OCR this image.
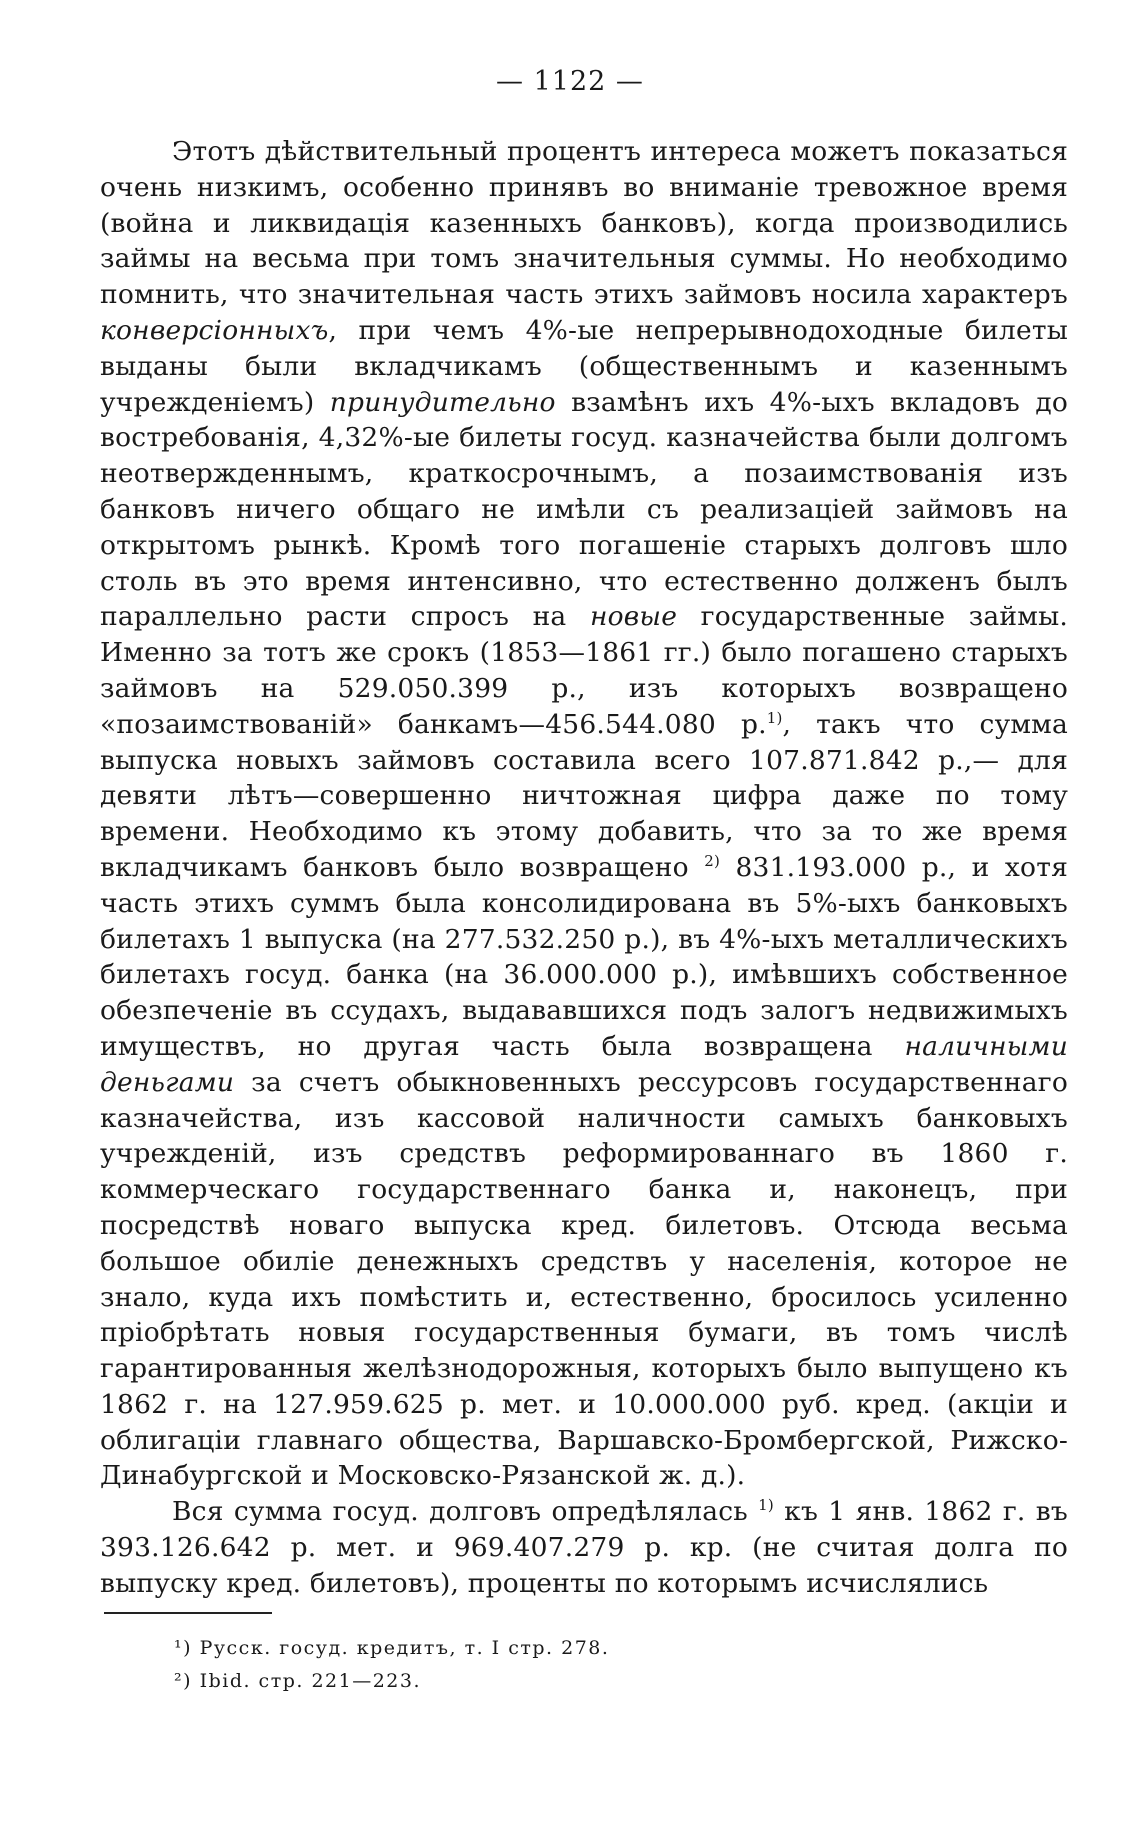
— 1122 —

Этотъ дѣйствительный процентъ интереса можетъ показаться очень низкимъ, особенно принявъ во вниманіе тревожное время (война и ликвидація казенныхъ банковъ), когда производились займы на весьма при томъ значительныя суммы. Но необходимо помнить, что значительная часть этихъ займовъ носила характеръ конверсіонныхъ, при чемъ 4%-ые непрерывнодоходные билеты выданы были вкладчикамъ (общественнымъ и казеннымъ учрежденіемъ) принудительно взамѣнъ ихъ 4%-ыхъ вкладовъ до востребованія, 4,32%-ые билеты госуд. казначейства были долгомъ неотвержденнымъ, краткосрочнымъ, а позаимствованія изъ банковъ ничего общаго не имѣли съ реализаціей займовъ на открытомъ рынкѣ. Кромѣ того погашеніе старыхъ долговъ шло столь въ это время интенсивно, что естественно долженъ былъ параллельно расти спросъ на новые государственные займы. Именно за тотъ же срокъ (1853—1861 гг.) было погашено старыхъ займовъ на 529.050.399 р., изъ которыхъ возвращено «позаимствованій» банкамъ—456.544.080 р.$^{1)}$, такъ что сумма выпуска новыхъ займовъ составила всего 107.871.842 р.,— для девяти лѣтъ—совершенно ничтожная цифра даже по тому времени. Необходимо къ этому добавить, что за то же время вкладчикамъ банковъ было возвращено $^{2)}$ 831.193.000 р., и хотя часть этихъ суммъ была консолидирована въ 5%-ыхъ банковыхъ билетахъ 1 выпуска (на 277.532.250 р.), въ 4%-ыхъ металлическихъ билетахъ госуд. банка (на 36.000.000 р.), имѣвшихъ собственное обезпеченіе въ ссудахъ, выдававшихся подъ залогъ недвижимыхъ имуществъ, но другая часть была возвращена наличными деньгами за счетъ обыкновенныхъ рессурсовъ государственнаго казначейства, изъ кассовой наличности самыхъ банковыхъ учрежденій, изъ средствъ реформированнаго въ 1860 г. коммерческаго государственнаго банка и, наконецъ, при посредствѣ новаго выпуска кред. билетовъ. Отсюда весьма большое обиліе денежныхъ средствъ у населенія, которое не знало, куда ихъ помѣстить и, естественно, бросилось усиленно пріобрѣтать новыя государственныя бумаги, въ томъ числѣ гарантированныя желѣзнодорожныя, которыхъ было выпущено къ 1862 г. на 127.959.625 р. мет. и 10.000.000 руб. кред. (акціи и облигаціи главнаго общества, Варшавско-Бромбергской, Рижско-Динабургской и Московско-Рязанской ж. д.).

Вся сумма госуд. долговъ опредѣлялась $^{1)}$ къ 1 янв. 1862 г. въ 393.126.642 р. мет. и 969.407.279 р. кр. (не считая долга по выпуску кред. билетовъ), проценты по которымъ исчислялись

¹) Русск. госуд. кредитъ, т. I стр. 278.
²) Ibid. стр. 221—223.
